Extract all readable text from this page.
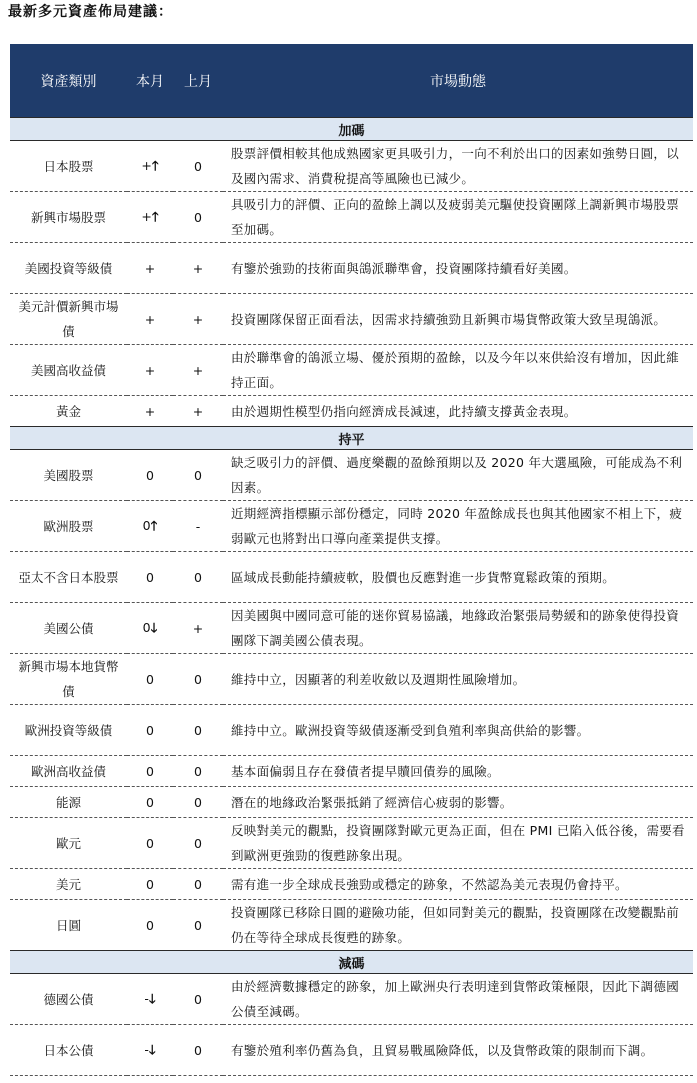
最新多元資產佈局建議：
資產類別	本月	上月	市場動態
加碼			
日本股票	+🡑	0	股票評價相較其他成熟國家更具吸引力，一向不利於出口的因素如強勢日圓，以及國內需求、消費稅提高等風險也已減少。
新興市場股票	+🡑	0	具吸引力的評價、正向的盈餘上調以及疲弱美元驅使投資團隊上調新興市場股票至加碼。
美國投資等級債	+	+	有鑒於強勁的技術面與鴿派聯準會，投資團隊持續看好美國。
美元計價新興市場債	+	+	投資團隊保留正面看法，因需求持續強勁且新興市場貨幣政策大致呈現鴿派。
美國高收益債	+	+	由於聯準會的鴿派立場、優於預期的盈餘，以及今年以來供給沒有增加，因此維持正面。
黃金	+	+	由於週期性模型仍指向經濟成長減速，此持續支撐黃金表現。
持平			
美國股票	0	0	缺乏吸引力的評價、過度樂觀的盈餘預期以及 2020 年大選風險，可能成為不利因素。
歐洲股票	0🡑	-	近期經濟指標顯示部份穩定，同時 2020 年盈餘成長也與其他國家不相上下，疲弱歐元也將對出口導向產業提供支撐。
亞太不含日本股票	0	0	區域成長動能持續疲軟，股價也反應對進一步貨幣寬鬆政策的預期。
美國公債	0🡓	+	因美國與中國同意可能的迷你貿易協議，地緣政治緊張局勢緩和的跡象使得投資團隊下調美國公債表現。
新興市場本地貨幣債	0	0	維持中立，因顯著的利差收斂以及週期性風險增加。
歐洲投資等級債	0	0	維持中立。歐洲投資等級債逐漸受到負殖利率與高供給的影響。
歐洲高收益債	0	0	基本面偏弱且存在發債者提早贖回債券的風險。
能源	0	0	潛在的地緣政治緊張抵銷了經濟信心疲弱的影響。
歐元	0	0	反映對美元的觀點，投資團隊對歐元更為正面，但在 PMI 已陷入低谷後，需要看到歐洲更強勁的復甦跡象出現。
美元	0	0	需有進一步全球成長強勁或穩定的跡象，不然認為美元表現仍會持平。
日圓	0	0	投資團隊已移除日圓的避險功能，但如同對美元的觀點，投資團隊在改變觀點前仍在等待全球成長復甦的跡象。
減碼			
德國公債	-🡓	0	由於經濟數據穩定的跡象，加上歐洲央行表明達到貨幣政策極限，因此下調德國公債至減碼。
日本公債	-🡓	0	有鑒於殖利率仍舊為負，且貿易戰風險降低，以及貨幣政策的限制而下調。
